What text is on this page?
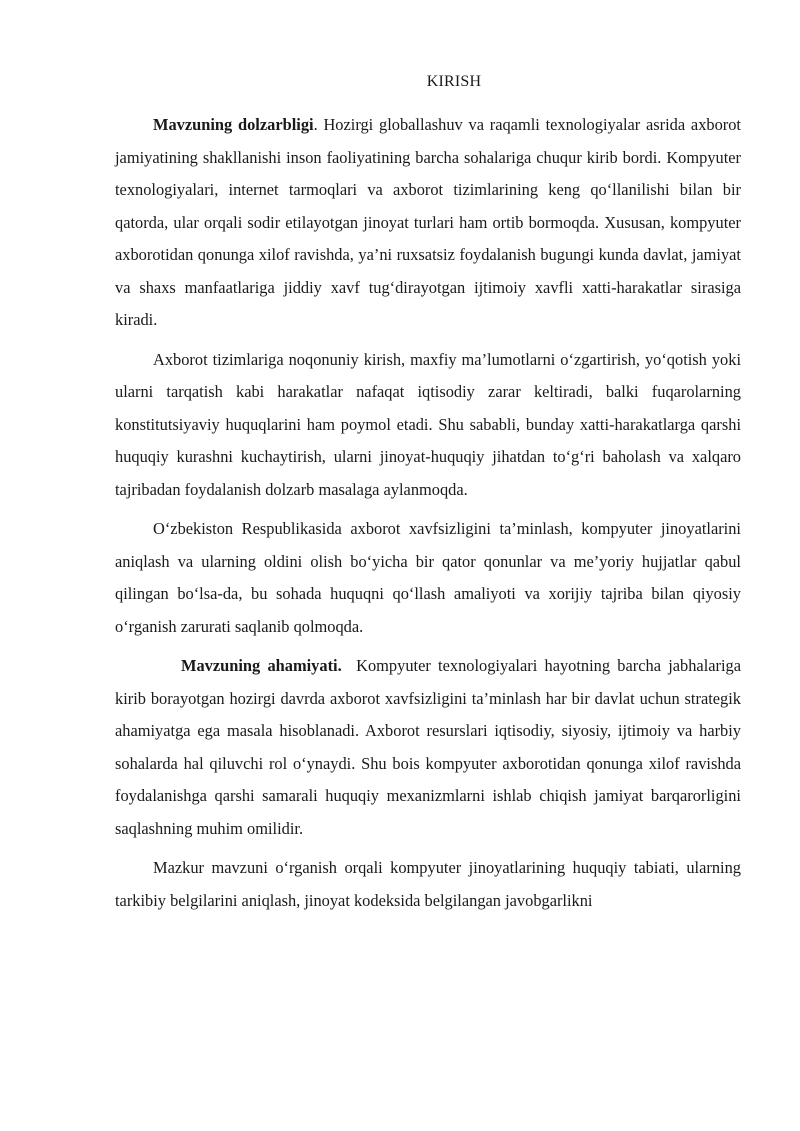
KIRISH

Mavzuning dolzarbligi. Hozirgi globallashuv va raqamli texnologiyalar asrida axborot jamiyatining shakllanishi inson faoliyatining barcha sohalariga chuqur kirib bordi. Kompyuter texnologiyalari, internet tarmoqlari va axborot tizimlarining keng qo‘llanilishi bilan bir qatorda, ular orqali sodir etilayotgan jinoyat turlari ham ortib bormoqda. Xususan, kompyuter axborotidan qonunga xilof ravishda, ya’ni ruxsatsiz foydalanish bugungi kunda davlat, jamiyat va shaxs manfaatlariga jiddiy xavf tug‘dirayotgan ijtimoiy xavfli xatti-harakatlar sirasiga kiradi.

Axborot tizimlariga noqonuniy kirish, maxfiy ma’lumotlarni o‘zgartirish, yo‘qotish yoki ularni tarqatish kabi harakatlar nafaqat iqtisodiy zarar keltiradi, balki fuqarolarning konstitutsiyaviy huquqlarini ham poymol etadi. Shu sababli, bunday xatti-harakatlarga qarshi huquqiy kurashni kuchaytirish, ularni jinoyat-huquqiy jihatdan to‘g‘ri baholash va xalqaro tajribadan foydalanish dolzarb masalaga aylanmoqda.

O‘zbekiston Respublikasida axborot xavfsizligini ta’minlash, kompyuter jinoyatlarini aniqlash va ularning oldini olish bo‘yicha bir qator qonunlar va me’yoriy hujjatlar qabul qilingan bo‘lsa-da, bu sohada huquqni qo‘llash amaliyoti va xorijiy tajriba bilan qiyosiy o‘rganish zarurati saqlanib qolmoqda.

Mavzuning ahamiyati.  Kompyuter texnologiyalari hayotning barcha jabhalariga kirib borayotgan hozirgi davrda axborot xavfsizligini ta’minlash har bir davlat uchun strategik ahamiyatga ega masala hisoblanadi. Axborot resurslari iqtisodiy, siyosiy, ijtimoiy va harbiy sohalarda hal qiluvchi rol o‘ynaydi. Shu bois kompyuter axborotidan qonunga xilof ravishda foydalanishga qarshi samarali huquqiy mexanizmlarni ishlab chiqish jamiyat barqarorligini saqlashning muhim omilidir.

Mazkur mavzuni o‘rganish orqali kompyuter jinoyatlarining huquqiy tabiati, ularning tarkibiy belgilarini aniqlash, jinoyat kodeksida belgilangan javobgarlikni
